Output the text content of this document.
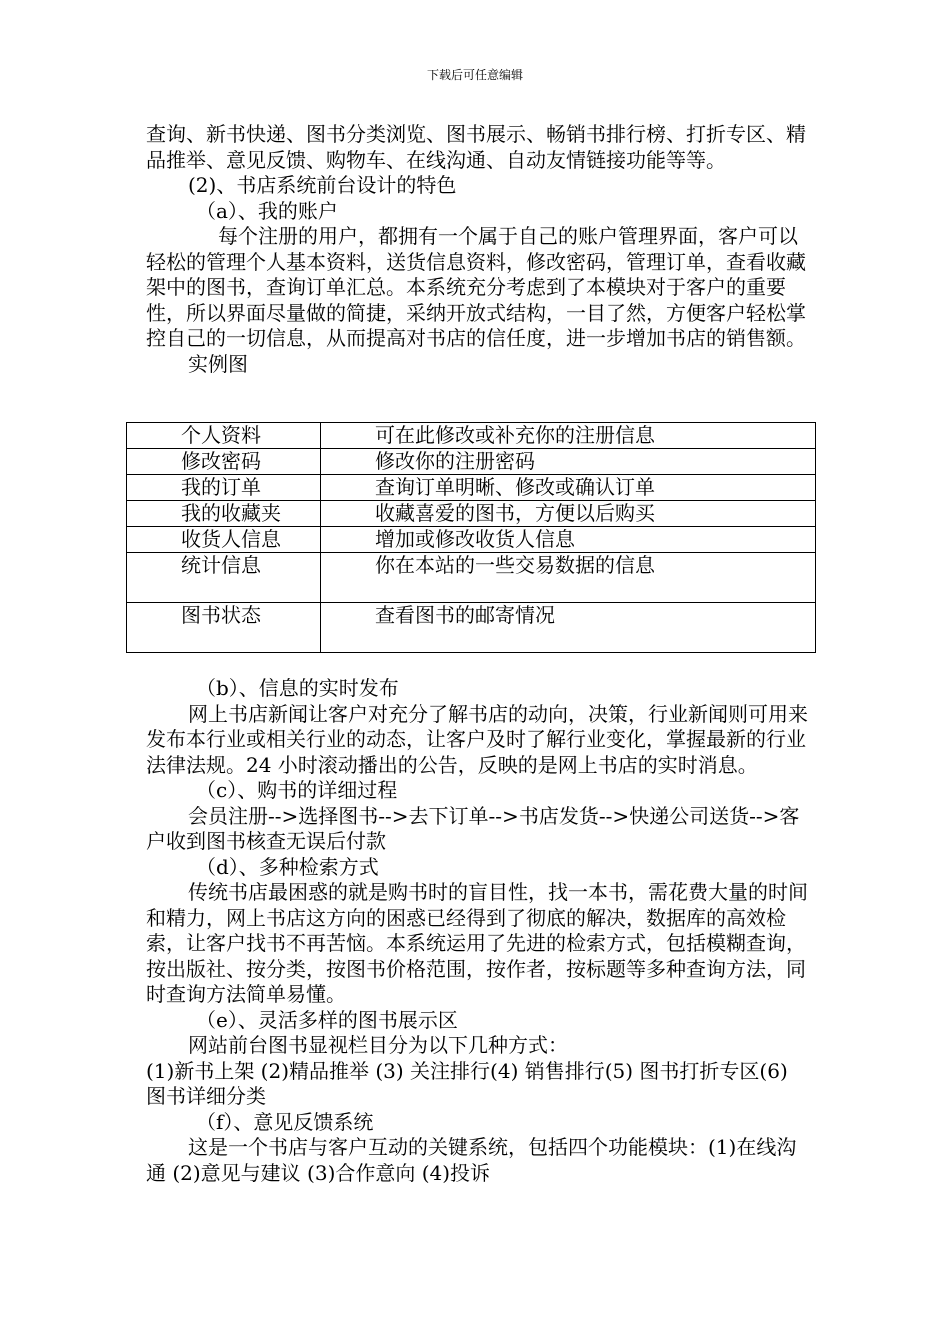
下载后可任意编辑

查询、新书快递、图书分类浏览、图书展示、畅销书排行榜、打折专区、精品推举、意见反馈、购物车、在线沟通、自动友情链接功能等等。

(2)、书店系统前台设计的特色

（a）、我的账户

每个注册的用户，都拥有一个属于自己的账户管理界面，客户可以轻松的管理个人基本资料，送货信息资料，修改密码，管理订单，查看收藏架中的图书，查询订单汇总。本系统充分考虑到了本模块对于客户的重要性，所以界面尽量做的简捷，采纳开放式结构，一目了然，方便客户轻松掌控自己的一切信息，从而提高对书店的信任度，进一步增加书店的销售额。

实例图

个人资料	可在此修改或补充你的注册信息
修改密码	修改你的注册密码
我的订单	查询订单明晰、修改或确认订单
我的收藏夹	收藏喜爱的图书，方便以后购买
收货人信息	增加或修改收货人信息
统计信息	你在本站的一些交易数据的信息
图书状态	查看图书的邮寄情况

（b）、信息的实时发布

网上书店新闻让客户对充分了解书店的动向，决策，行业新闻则可用来发布本行业或相关行业的动态，让客户及时了解行业变化，掌握最新的行业法律法规。24 小时滚动播出的公告，反映的是网上书店的实时消息。

（c）、购书的详细过程

会员注册-->选择图书-->去下订单-->书店发货-->快递公司送货-->客户收到图书核查无误后付款

（d）、多种检索方式

传统书店最困惑的就是购书时的盲目性，找一本书，需花费大量的时间和精力，网上书店这方向的困惑已经得到了彻底的解决，数据库的高效检索，让客户找书不再苦恼。本系统运用了先进的检索方式，包括模糊查询，按出版社、按分类，按图书价格范围，按作者，按标题等多种查询方法，同时查询方法简单易懂。

（e）、灵活多样的图书展示区

网站前台图书显视栏目分为以下几种方式：

(1)新书上架 (2)精品推举 (3) 关注排行(4) 销售排行(5) 图书打折专区(6) 图书详细分类

（f）、意见反馈系统

这是一个书店与客户互动的关键系统，包括四个功能模块：(1)在线沟通 (2)意见与建议 (3)合作意向 (4)投诉
